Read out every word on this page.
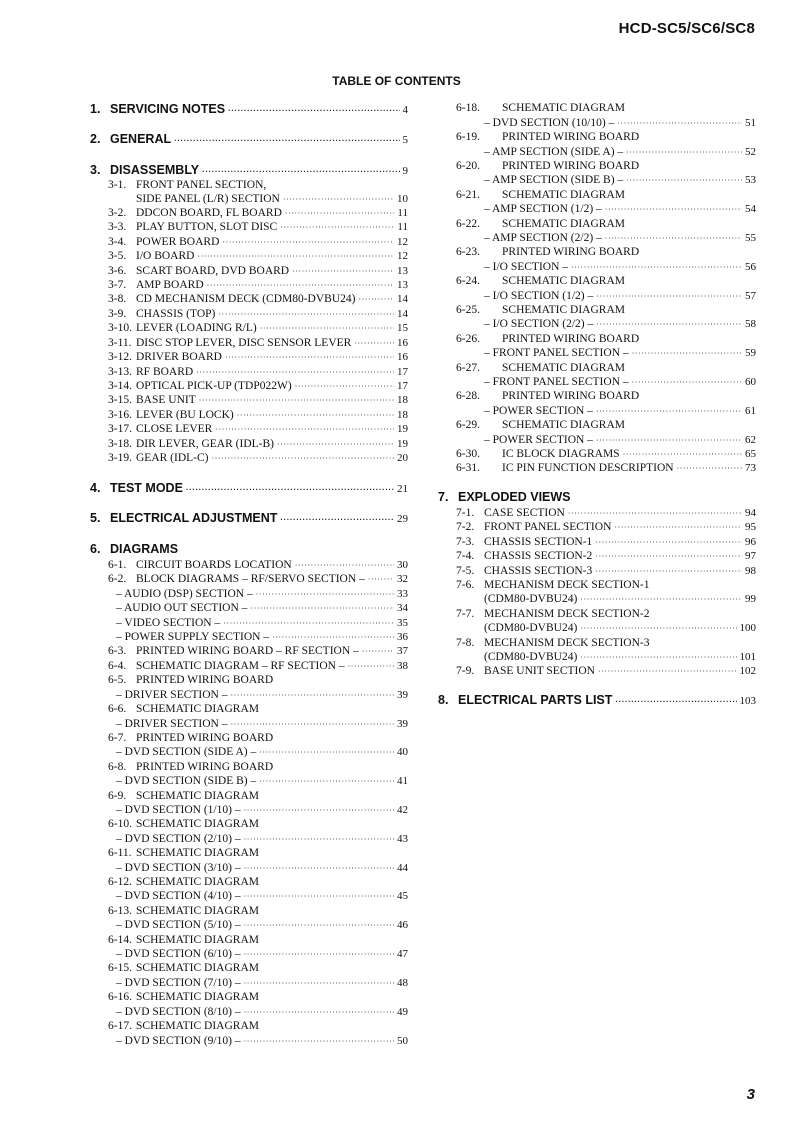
HCD-SC5/SC6/SC8
TABLE OF CONTENTS
1. SERVICING NOTES ·····	4
2. GENERAL ·····	5
3. DISASSEMBLY ·····	9
3-1. FRONT PANEL SECTION,
SIDE PANEL (L/R) SECTION ·····	10
3-2. DDCON BOARD, FL BOARD ·····	11
3-3. PLAY BUTTON, SLOT DISC ·····	11
3-4. POWER BOARD ·····	12
3-5. I/O BOARD ·····	12
3-6. SCART BOARD, DVD BOARD ·····	13
3-7. AMP BOARD ·····	13
3-8. CD MECHANISM DECK (CDM80-DVBU24) ·····	14
3-9. CHASSIS (TOP) ·····	14
3-10. LEVER (LOADING R/L) ·····	15
3-11. DISC STOP LEVER, DISC SENSOR LEVER ·····	16
3-12. DRIVER BOARD ·····	16
3-13. RF BOARD ·····	17
3-14. OPTICAL PICK-UP (TDP022W) ·····	17
3-15. BASE UNIT ·····	18
3-16. LEVER (BU LOCK) ·····	18
3-17. CLOSE LEVER ·····	19
3-18. DIR LEVER, GEAR (IDL-B) ·····	19
3-19. GEAR (IDL-C) ·····	20
4. TEST MODE ·····	21
5. ELECTRICAL ADJUSTMENT ·····	29
6. DIAGRAMS
6-1. CIRCUIT BOARDS LOCATION ·····	30
6-2. BLOCK DIAGRAMS – RF/SERVO SECTION – ·····	32
– AUDIO (DSP) SECTION – ·····	33
– AUDIO OUT SECTION – ·····	34
– VIDEO SECTION – ·····	35
– POWER SUPPLY SECTION – ·····	36
6-3. PRINTED WIRING BOARD – RF SECTION – ·····	37
6-4. SCHEMATIC DIAGRAM – RF SECTION – ·····	38
6-5. PRINTED WIRING BOARD
– DRIVER SECTION – ·····	39
6-6. SCHEMATIC DIAGRAM
– DRIVER SECTION – ·····	39
6-7. PRINTED WIRING BOARD
– DVD SECTION (SIDE A) – ·····	40
6-8. PRINTED WIRING BOARD
– DVD SECTION (SIDE B) – ·····	41
6-9. SCHEMATIC DIAGRAM
– DVD SECTION (1/10) – ·····	42
6-10. SCHEMATIC DIAGRAM
– DVD SECTION (2/10) – ·····	43
6-11. SCHEMATIC DIAGRAM
– DVD SECTION (3/10) – ·····	44
6-12. SCHEMATIC DIAGRAM
– DVD SECTION (4/10) – ·····	45
6-13. SCHEMATIC DIAGRAM
– DVD SECTION (5/10) – ·····	46
6-14. SCHEMATIC DIAGRAM
– DVD SECTION (6/10) – ·····	47
6-15. SCHEMATIC DIAGRAM
– DVD SECTION (7/10) – ·····	48
6-16. SCHEMATIC DIAGRAM
– DVD SECTION (8/10) – ·····	49
6-17. SCHEMATIC DIAGRAM
– DVD SECTION (9/10) – ·····	50
6-18.	SCHEMATIC DIAGRAM
– DVD SECTION (10/10) – ·····	51
6-19.	PRINTED WIRING BOARD
– AMP SECTION (SIDE A) – ·····	52
6-20.	PRINTED WIRING BOARD
– AMP SECTION (SIDE B) – ·····	53
6-21.	SCHEMATIC DIAGRAM
– AMP SECTION (1/2) – ·····	54
6-22.	SCHEMATIC DIAGRAM
– AMP SECTION (2/2) – ·····	55
6-23.	PRINTED WIRING BOARD
– I/O SECTION – ·····	56
6-24.	SCHEMATIC DIAGRAM
– I/O SECTION (1/2) – ·····	57
6-25.	SCHEMATIC DIAGRAM
– I/O SECTION (2/2) – ·····	58
6-26.	PRINTED WIRING BOARD
– FRONT PANEL SECTION – ·····	59
6-27.	SCHEMATIC DIAGRAM
– FRONT PANEL SECTION – ·····	60
6-28.	PRINTED WIRING BOARD
– POWER SECTION – ·····	61
6-29.	SCHEMATIC DIAGRAM
– POWER SECTION – ·····	62
6-30.	IC BLOCK DIAGRAMS ·····	65
6-31.	IC PIN FUNCTION DESCRIPTION ·····	73
7. EXPLODED VIEWS
7-1. CASE SECTION ·····	94
7-2. FRONT PANEL SECTION ·····	95
7-3. CHASSIS SECTION-1 ·····	96
7-4. CHASSIS SECTION-2 ·····	97
7-5. CHASSIS SECTION-3 ·····	98
7-6. MECHANISM DECK SECTION-1
(CDM80-DVBU24) ·····	99
7-7. MECHANISM DECK SECTION-2
(CDM80-DVBU24) ·····	100
7-8. MECHANISM DECK SECTION-3
(CDM80-DVBU24) ·····	101
7-9. BASE UNIT SECTION ·····	102
8. ELECTRICAL PARTS LIST ·····	103
3
